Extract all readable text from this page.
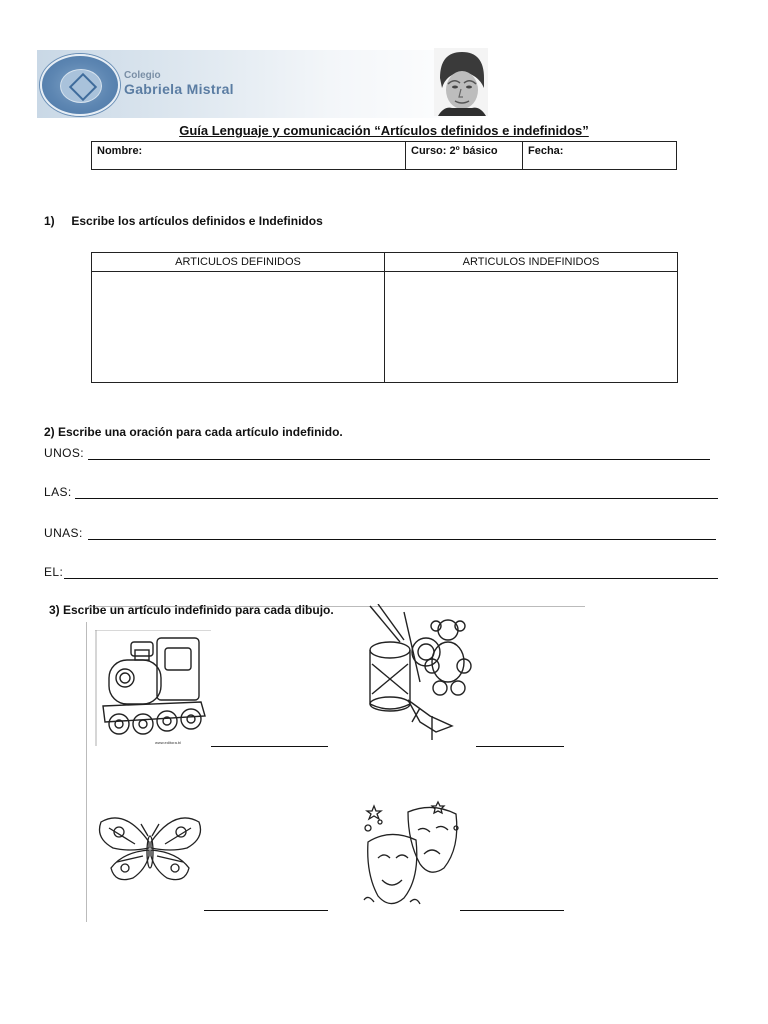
Colegio
Gabriela Mistral
Guía Lenguaje y comunicación “Artículos definidos e indefinidos”
Nombre:	Curso: 2º básico	Fecha:
1) Escribe los artículos definidos e Indefinidos
ARTICULOS DEFINIDOS	ARTICULOS INDEFINIDOS
2) Escribe una oración para cada artículo indefinido.
UNOS:
LAS:
UNAS:
EL:
3) Escribe un artículo indefinido para cada dibujo.
www.editora.bl
